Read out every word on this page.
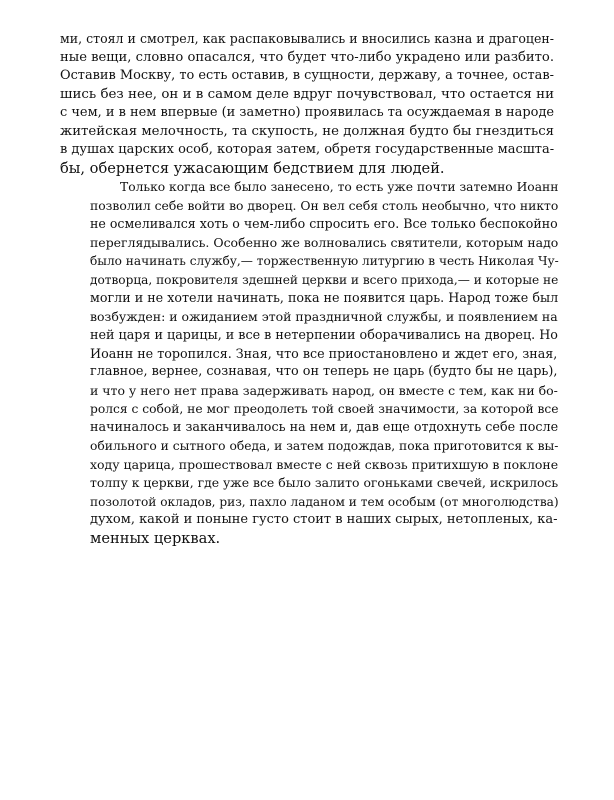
ми, стоял и смотрел, как распаковывались и вносились казна и драгоцен-
ные вещи, словно опасался, что будет что-либо украдено или разбито.
Оставив Москву, то есть оставив, в сущности, державу, а точнее, остав-
шись без нее, он и в самом деле вдруг почувствовал, что остается ни
с чем, и в нем впервые (и заметно) проявилась та осуждаемая в народе
житейская мелочность, та скупость, не должная будто бы гнездиться
в душах царских особ, которая затем, обретя государственные масшта-
бы, обернется ужасающим бедствием для людей.

Только когда все было занесено, то есть уже почти затемно Иоанн
позволил себе войти во дворец. Он вел себя столь необычно, что никто
не осмеливался хоть о чем-либо спросить его. Все только беспокойно
переглядывались. Особенно же волновались святители, которым надо
было начинать службу,— торжественную литургию в честь Николая Чу-
дотворца, покровителя здешней церкви и всего прихода,— и которые не
могли и не хотели начинать, пока не появится царь. Народ тоже был
возбужден: и ожиданием этой праздничной службы, и появлением на
ней царя и царицы, и все в нетерпении оборачивались на дворец. Но
Иоанн не торопился. Зная, что все приостановлено и ждет его, зная,
главное, вернее, сознавая, что он теперь не царь (будто бы не царь),
и что у него нет права задерживать народ, он вместе с тем, как ни бо-
ролся с собой, не мог преодолеть той своей значимости, за которой все
начиналось и заканчивалось на нем и, дав еще отдохнуть себе после
обильного и сытного обеда, и затем подождав, пока приготовится к вы-
ходу царица, прошествовал вместе с ней сквозь притихшую в поклоне
толпу к церкви, где уже все было залито огоньками свечей, искрилось
позолотой окладов, риз, пахло ладаном и тем особым (от многолюдства)
духом, какой и поныне густо стоит в наших сырых, нетопленых, ка-
менных церквах.
